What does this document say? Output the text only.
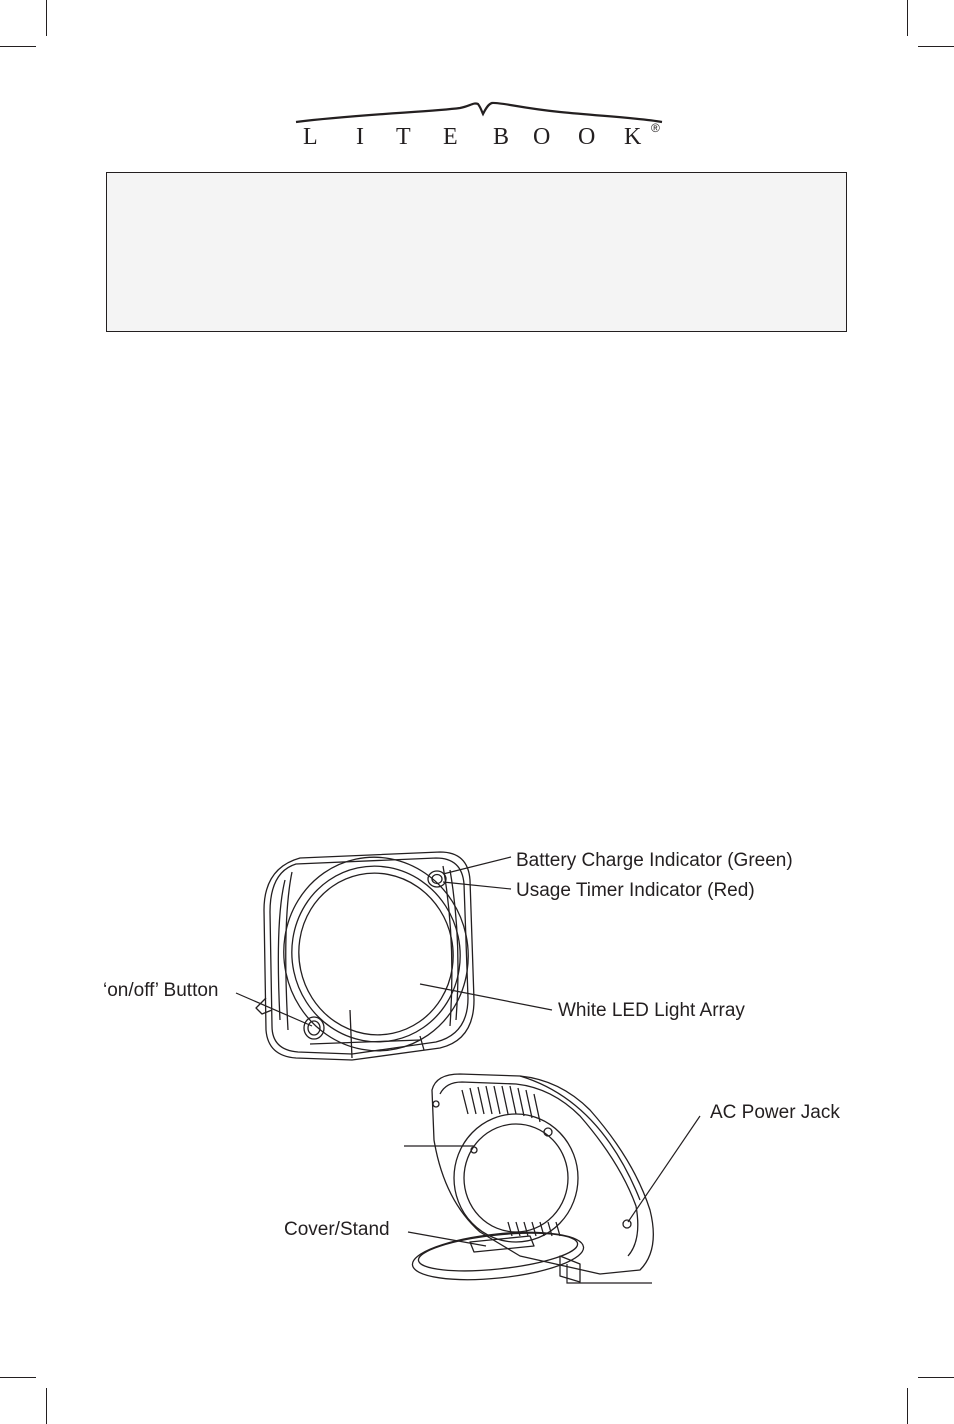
L I T E B O O K ®
Battery Charge Indicator (Green)
Usage Timer Indicator (Red)
‘on/off’ Button
White LED Light Array
AC Power Jack
Cover/Stand
